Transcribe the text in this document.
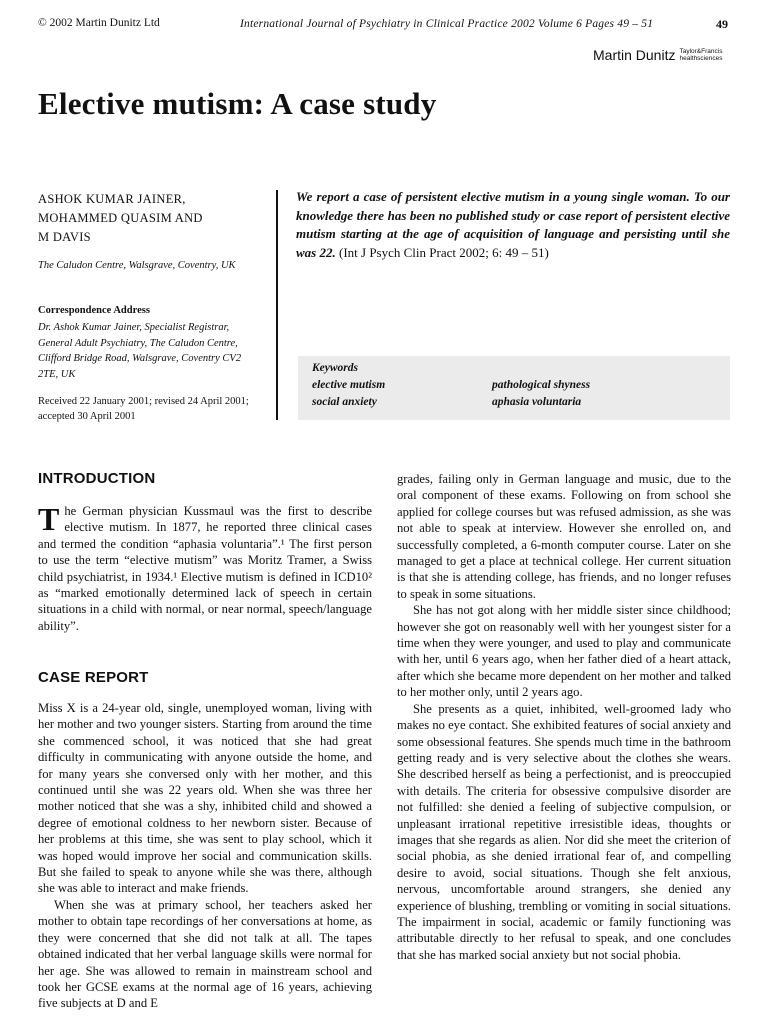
© 2002 Martin Dunitz Ltd	International Journal of Psychiatry in Clinical Practice 2002 Volume 6 Pages 49 – 51	49
Martin Dunitz Taylor&Francis
healthsciences
Elective mutism: A case study
ASHOK KUMAR JAINER,
MOHAMMED QUASIM AND
M DAVIS
The Caludon Centre, Walsgrave, Coventry, UK
Correspondence Address
Dr. Ashok Kumar Jainer, Specialist Registrar, General Adult Psychiatry, The Caludon Centre, Clifford Bridge Road, Walsgrave, Coventry CV2 2TE, UK
Received 22 January 2001; revised 24 April 2001; accepted 30 April 2001
We report a case of persistent elective mutism in a young single woman. To our knowledge there has been no published study or case report of persistent elective mutism starting at the age of acquisition of language and persisting until she was 22. (Int J Psych Clin Pract 2002; 6: 49 – 51)
Keywords
elective mutism
social anxiety
pathological shyness
aphasia voluntaria
INTRODUCTION

The German physician Kussmaul was the first to describe elective mutism. In 1877, he reported three clinical cases and termed the condition “aphasia voluntaria”.¹ The first person to use the term “elective mutism” was Moritz Tramer, a Swiss child psychiatrist, in 1934.¹ Elective mutism is defined in ICD10² as “marked emotionally determined lack of speech in certain situations in a child with normal, or near normal, speech/language ability”.

CASE REPORT

Miss X is a 24-year old, single, unemployed woman, living with her mother and two younger sisters. Starting from around the time she commenced school, it was noticed that she had great difficulty in communicating with anyone outside the home, and for many years she conversed only with her mother, and this continued until she was 22 years old. When she was three her mother noticed that she was a shy, inhibited child and showed a degree of emotional coldness to her newborn sister. Because of her problems at this time, she was sent to play school, which it was hoped would improve her social and communication skills. But she failed to speak to anyone while she was there, although she was able to interact and make friends.

When she was at primary school, her teachers asked her mother to obtain tape recordings of her conversations at home, as they were concerned that she did not talk at all. The tapes obtained indicated that her verbal language skills were normal for her age. She was allowed to remain in mainstream school and took her GCSE exams at the normal age of 16 years, achieving five subjects at D and E

grades, failing only in German language and music, due to the oral component of these exams. Following on from school she applied for college courses but was refused admission, as she was not able to speak at interview. However she enrolled on, and successfully completed, a 6-month computer course. Later on she managed to get a place at technical college. Her current situation is that she is attending college, has friends, and no longer refuses to speak in some situations.

She has not got along with her middle sister since childhood; however she got on reasonably well with her youngest sister for a time when they were younger, and used to play and communicate with her, until 6 years ago, when her father died of a heart attack, after which she became more dependent on her mother and talked to her mother only, until 2 years ago.

She presents as a quiet, inhibited, well-groomed lady who makes no eye contact. She exhibited features of social anxiety and some obsessional features. She spends much time in the bathroom getting ready and is very selective about the clothes she wears. She described herself as being a perfectionist, and is preoccupied with details. The criteria for obsessive compulsive disorder are not fulfilled: she denied a feeling of subjective compulsion, or unpleasant irrational repetitive irresistible ideas, thoughts or images that she regards as alien. Nor did she meet the criterion of social phobia, as she denied irrational fear of, and compelling desire to avoid, social situations. Though she felt anxious, nervous, uncomfortable around strangers, she denied any experience of blushing, trembling or vomiting in social situations. The impairment in social, academic or family functioning was attributable directly to her refusal to speak, and one concludes that she has marked social anxiety but not social phobia.
